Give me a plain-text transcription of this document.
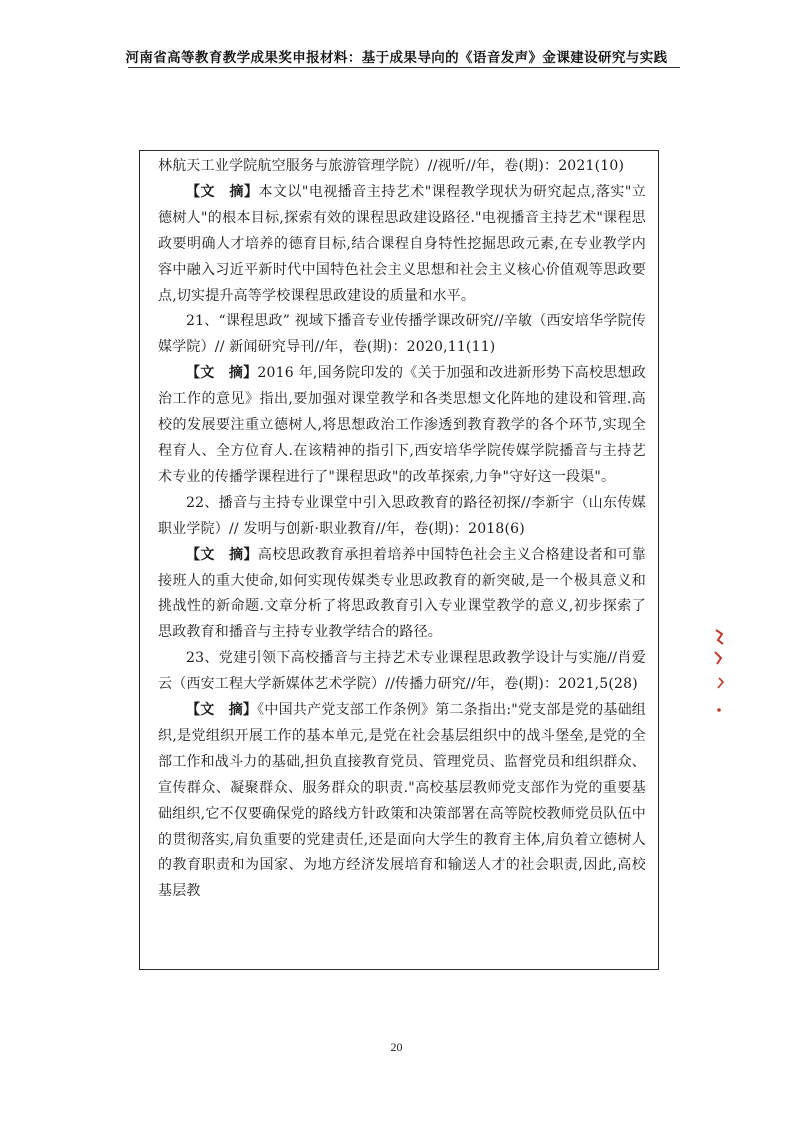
河南省高等教育教学成果奖申报材料：基于成果导向的《语音发声》金课建设研究与实践

林航天工业学院航空服务与旅游管理学院）//视听//年，卷(期)：2021(10)

【文　摘】本文以"电视播音主持艺术"课程教学现状为研究起点,落实"立德树人"的根本目标,探索有效的课程思政建设路径."电视播音主持艺术"课程思政要明确人才培养的德育目标,结合课程自身特性挖掘思政元素,在专业教学内容中融入习近平新时代中国特色社会主义思想和社会主义核心价值观等思政要点,切实提升高等学校课程思政建设的质量和水平。

21、“课程思政” 视域下播音专业传播学课改研究//辛敏（西安培华学院传媒学院）// 新闻研究导刊//年，卷(期)：2020,11(11)

【文　摘】2016 年,国务院印发的《关于加强和改进新形势下高校思想政治工作的意见》指出,要加强对课堂教学和各类思想文化阵地的建设和管理.高校的发展要注重立德树人,将思想政治工作渗透到教育教学的各个环节,实现全程育人、全方位育人.在该精神的指引下,西安培华学院传媒学院播音与主持艺术专业的传播学课程进行了"课程思政"的改革探索,力争"守好这一段渠"。

22、播音与主持专业课堂中引入思政教育的路径初探//李新宇（山东传媒职业学院）// 发明与创新·职业教育//年，卷(期)：2018(6)

【文　摘】高校思政教育承担着培养中国特色社会主义合格建设者和可靠接班人的重大使命,如何实现传媒类专业思政教育的新突破,是一个极具意义和挑战性的新命题.文章分析了将思政教育引入专业课堂教学的意义,初步探索了思政教育和播音与主持专业教学结合的路径。

23、党建引领下高校播音与主持艺术专业课程思政教学设计与实施//肖爱云（西安工程大学新媒体艺术学院）//传播力研究//年，卷(期)：2021,5(28)

【文　摘】《中国共产党支部工作条例》第二条指出:"党支部是党的基础组织,是党组织开展工作的基本单元,是党在社会基层组织中的战斗堡垒,是党的全部工作和战斗力的基础,担负直接教育党员、管理党员、监督党员和组织群众、宣传群众、凝聚群众、服务群众的职责."高校基层教师党支部作为党的重要基础组织,它不仅要确保党的路线方针政策和决策部署在高等院校教师党员队伍中的贯彻落实,肩负重要的党建责任,还是面向大学生的教育主体,肩负着立德树人的教育职责和为国家、为地方经济发展培育和输送人才的社会职责,因此,高校基层教

20
